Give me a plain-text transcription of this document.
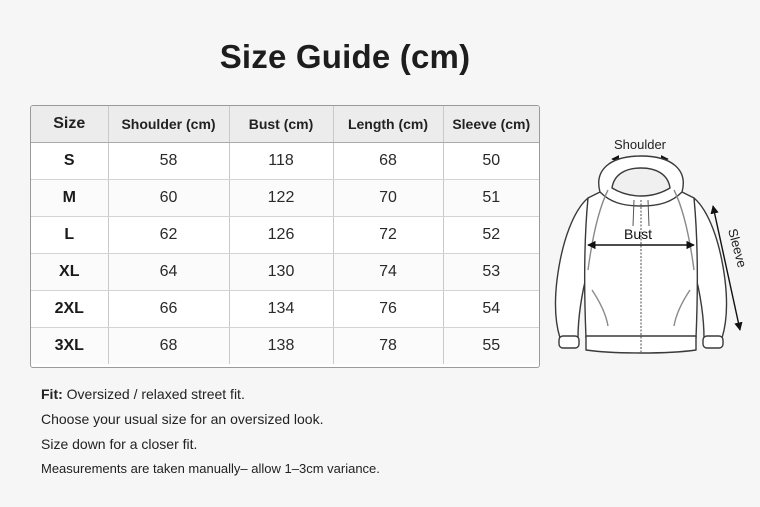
Size Guide (cm)
Size	Shoulder (cm)	Bust (cm)	Length (cm)	Sleeve (cm)
S	58	118	68	50
M	60	122	70	51
L	62	126	72	52
XL	64	130	74	53
2XL	66	134	76	54
3XL	68	138	78	55

Fit: Oversized / relaxed street fit.

Choose your usual size for an oversized look.

Size down for a closer fit.

Measurements are taken manually– allow 1–3cm variance.

Shoulder
Bust	Sleeve
